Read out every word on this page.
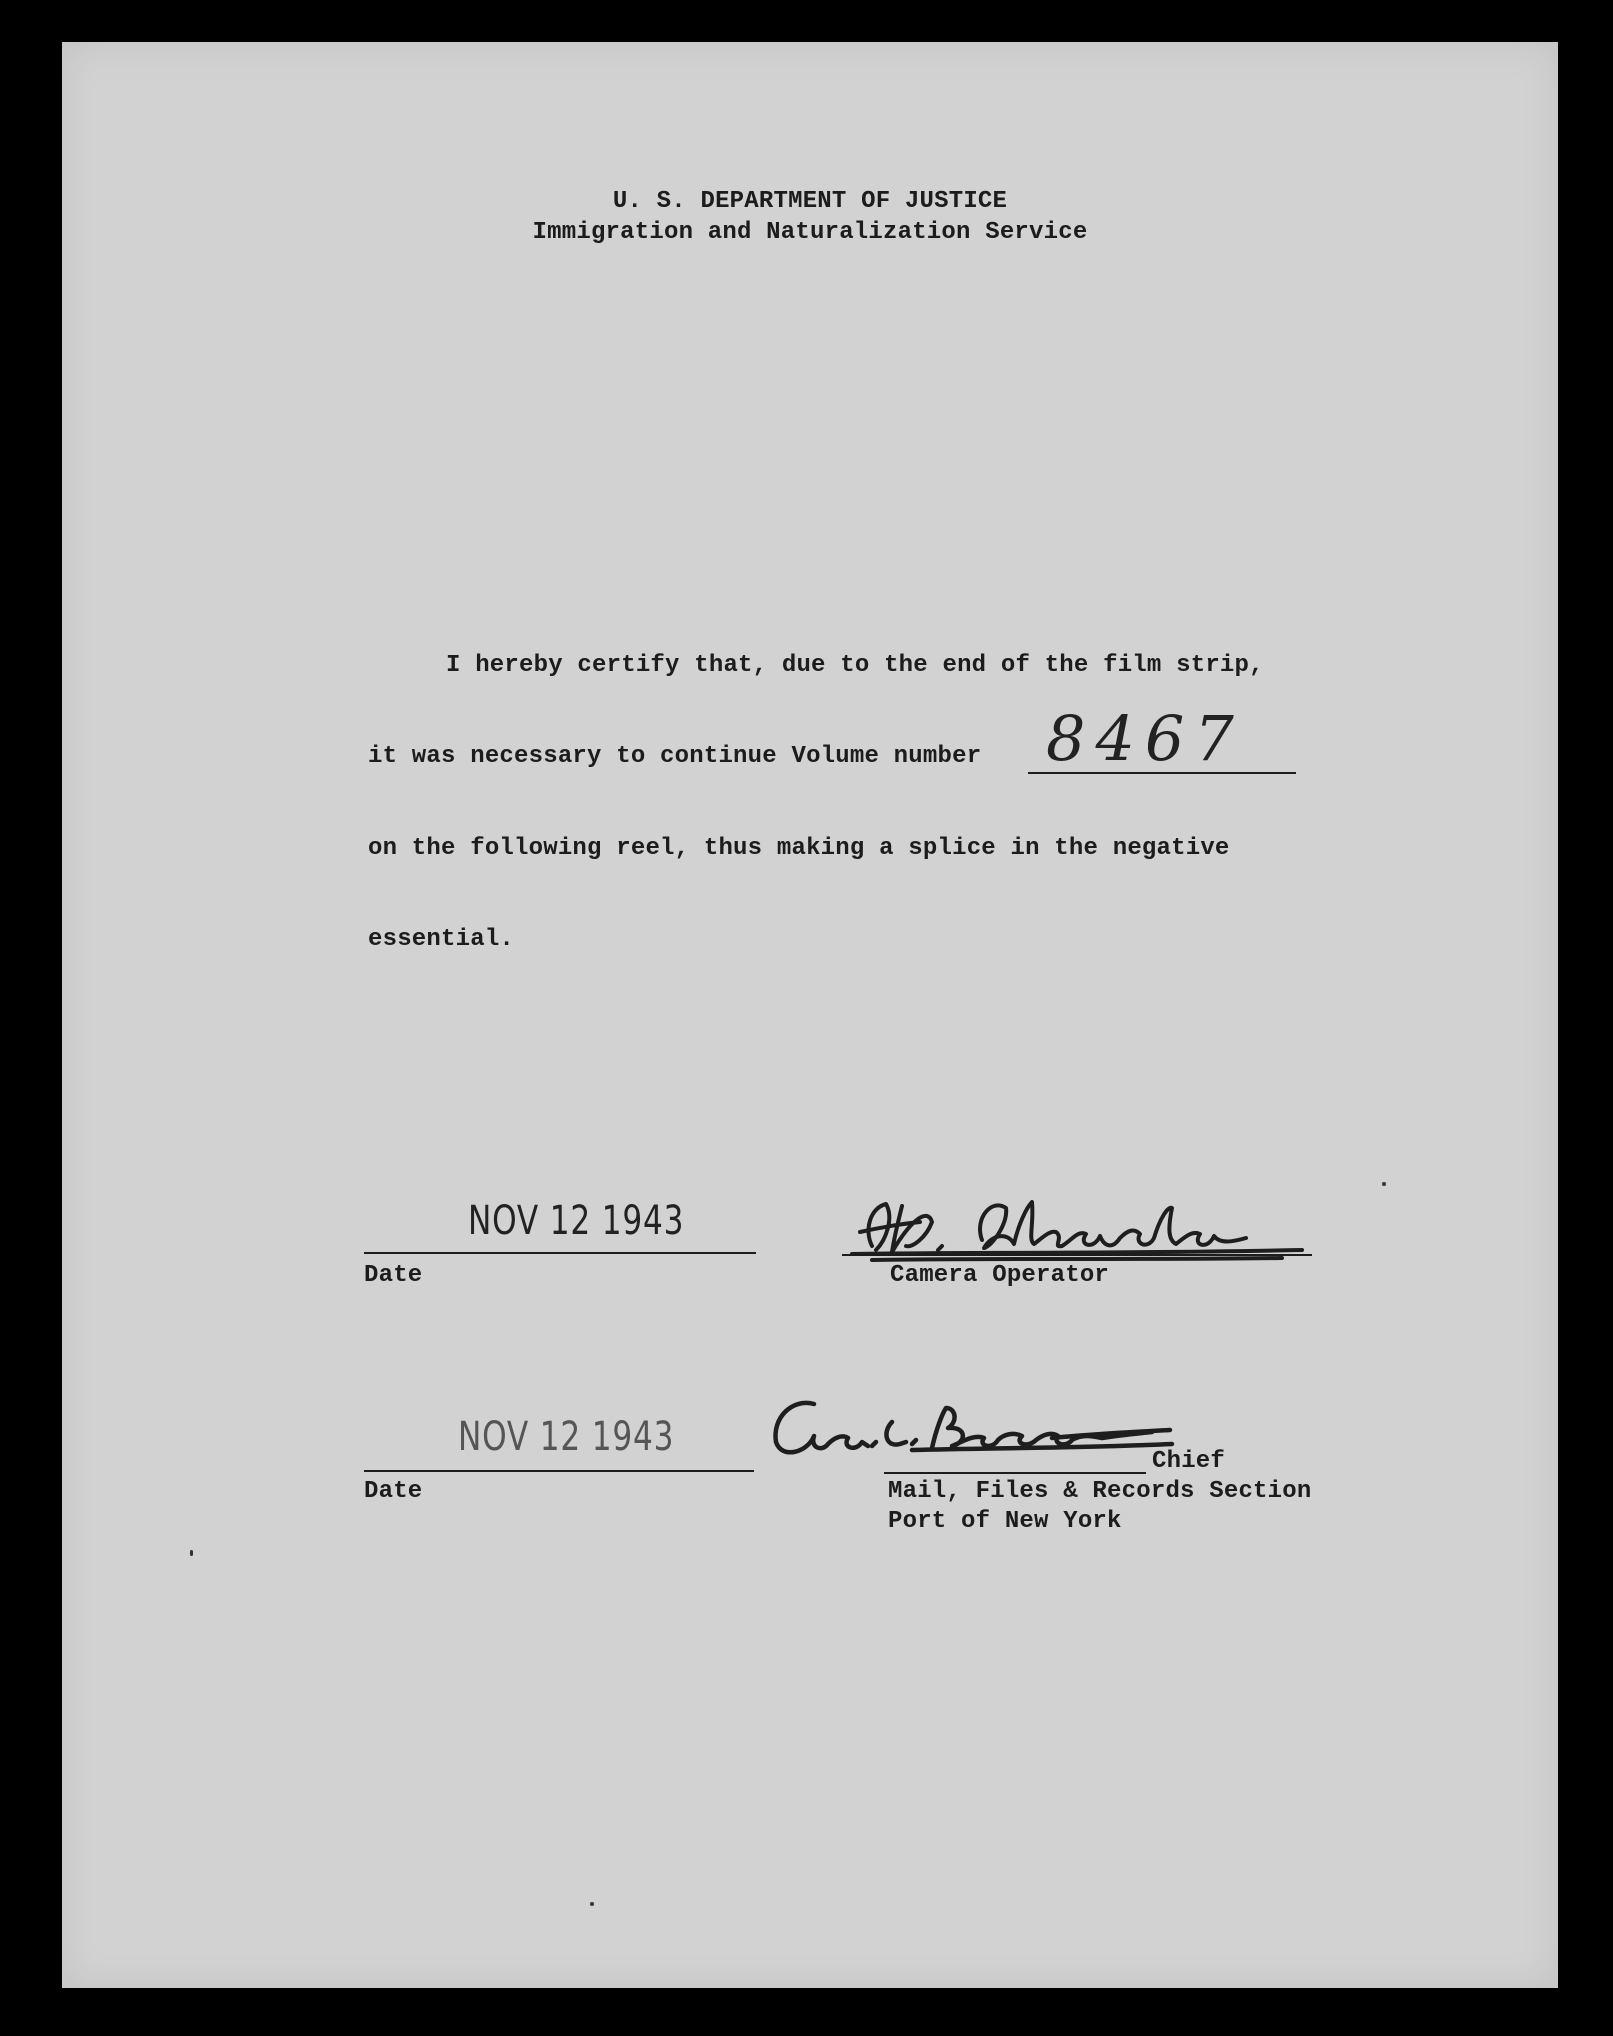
U. S. DEPARTMENT OF JUSTICE
Immigration and Naturalization Service
I hereby certify that, due to the end of the film strip,
it was necessary to continue Volume number 8467
on the following reel, thus making a splice in the negative
essential.
NOV 12 1943
Date
H. Alexander
Camera Operator
NOV 12 1943
Date
Geo. C. Baesner
Chief
Mail, Files & Records Section
Port of New York
